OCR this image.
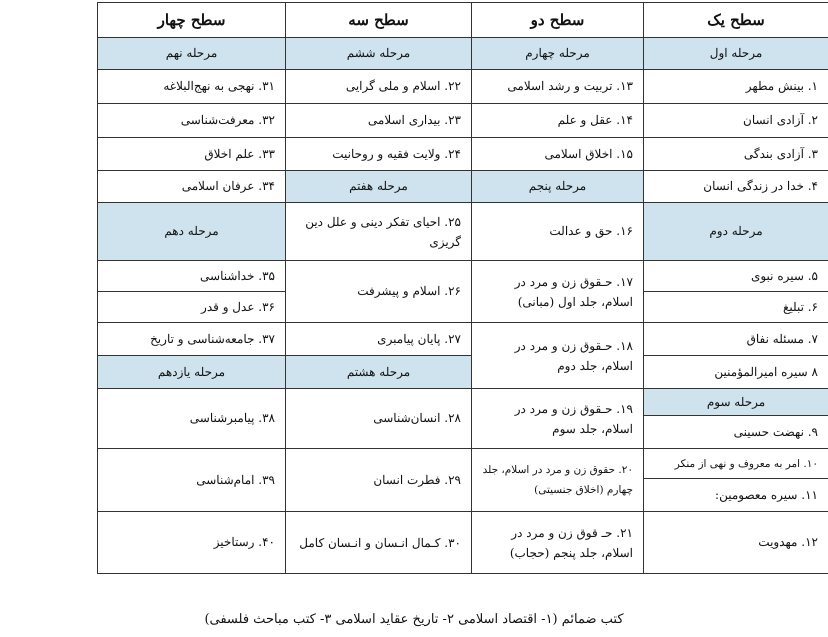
سطح یک	سطح دو	سطح سه	سطح چهار
مرحله اول	مرحله چهارم	مرحله ششم	مرحله نهم
۱. بینش مطهر	۱۳. تربیت و رشد اسلامی	۲۲. اسلام و ملی گرایی	۳۱. نهجی به نهج‌البلاغه
۲. آزادی انسان	۱۴. عقل و علم	۲۳. بیداری اسلامی	۳۲. معرفت‌شناسی
۳. آزادی بندگی	۱۵. اخلاق اسلامی	۲۴. ولایت فقیه و روحانیت	۳۳. علم اخلاق
۴. خدا در زندگی انسان	مرحله پنجم	مرحله هفتم	۳۴. عرفان اسلامی
مرحله دوم	۱۶. حق و عدالت	۲۵. احیای تفکر دینی و علل دین گریزی	مرحله دهم
۵. سیره نبوی	۱۷. حـقوق زن و مرد در اسلام، جلد اول (مبانی)	۲۶. اسلام و پیشرفت	۳۵. خداشناسی
۶. تبلیغ			۳۶. عدل و قدر
۷. مسئله نفاق	۱۸. حـقوق زن و مرد در اسلام، جلد دوم	۲۷. پایان پیامبری	۳۷. جامعه‌شناسی و تاریخ
۸ سیره امیرالمؤمنین		مرحله هشتم	مرحله یازدهم
مرحله سوم	۱۹. حـقوق زن و مرد در اسلام، جلد سوم	۲۸. انسان‌شناسی	۳۸. پیامبرشناسی
۹. نهضت حسینی			
۱۰. امر به معروف و نهی از منکر	۲۰. حقوق زن و مرد در اسلام، جلد چهارم (اخلاق جنسیتی)	۲۹. فطرت انسان	۳۹. امام‌شناسی
۱۱. سیره معصومین:			
۱۲. مهدویت	۲۱. حـ قوق زن و مرد در اسلام، جلد پنجم (حجاب)	۳۰. کـمال انـسان و انـسان کامل	۴۰. رستاخیز
کتب ضمائم (۱- اقتصاد اسلامی ۲- تاریخ عقاید اسلامی ۳- کتب مباحث فلسفی)
